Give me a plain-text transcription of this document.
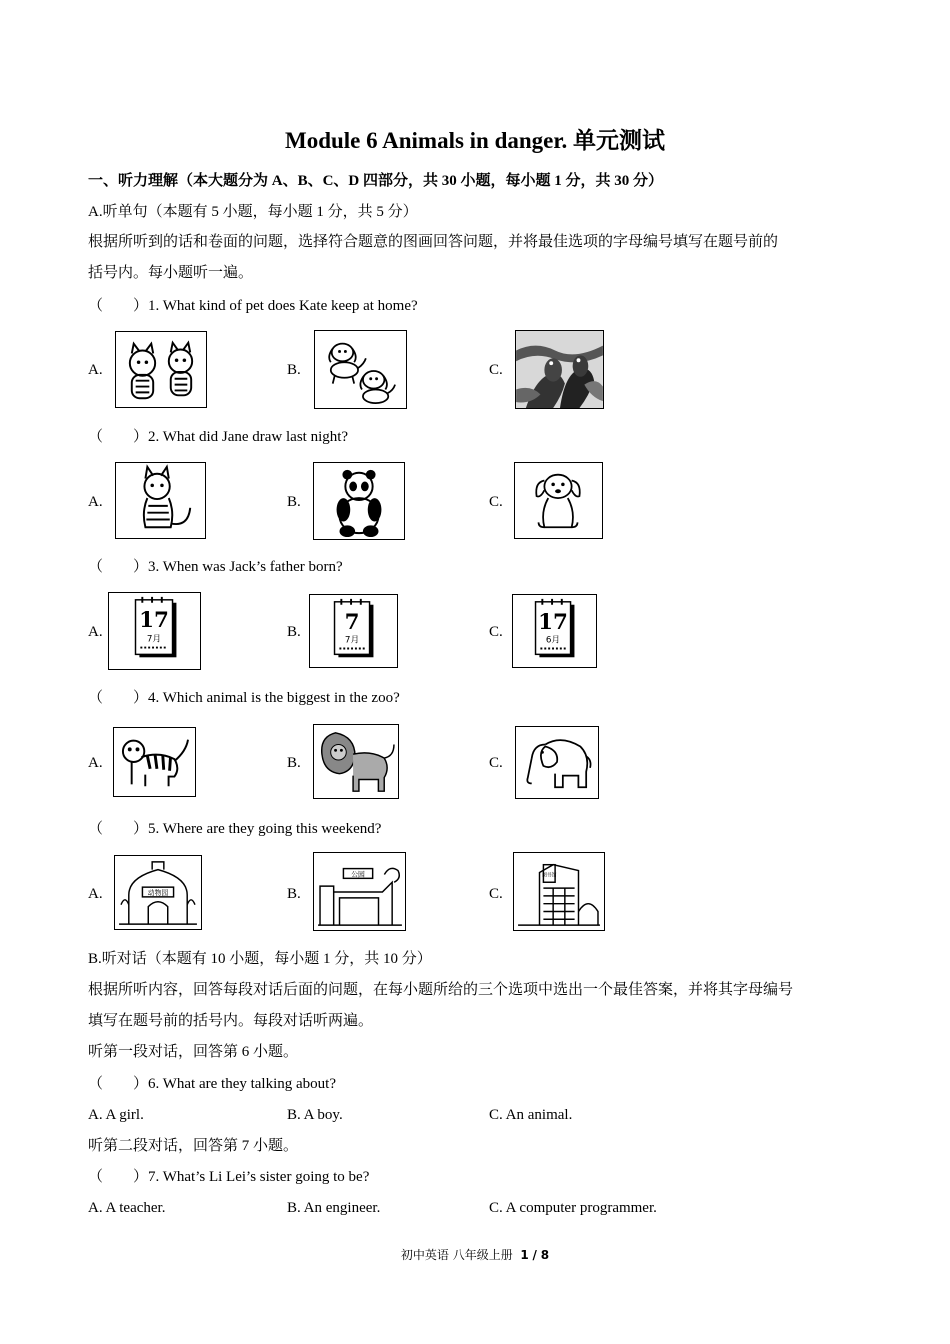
Module 6 Animals in danger. 单元测试
一、听力理解（本大题分为 A、B、C、D 四部分，共 30 小题，每小题 1 分，共 30 分）
A.听单句（本题有 5 小题，每小题 1 分，共 5 分）
根据所听到的话和卷面的问题，选择符合题意的图画回答问题，并将最佳选项的字母编号填写在题号前的
括号内。每小题听一遍。
（　　）1. What kind of pet does Kate keep at home?
A.	B.	C.
（　　）2. What did Jane draw last night?
A.	B.	C.
（　　）3. When was Jack’s father born?
A. 17
7月	B. 7
7月
C. 17
6月
（　　）4. Which animal is the biggest in the zoo?
A.	B.	C.
（　　）5. Where are they going this weekend?
A.	动物园	B.
公园
C.
图书馆
B.听对话（本题有 10 小题，每小题 1 分，共 10 分）
根据所听内容，回答每段对话后面的问题，在每小题所给的三个选项中选出一个最佳答案，并将其字母编号
填写在题号前的括号内。每段对话听两遍。
听第一段对话，回答第 6 小题。
（　　）6. What are they talking about?
A. A girl.	B. A boy.	C. An animal.
听第二段对话，回答第 7 小题。
（　　）7. What’s Li Lei’s sister going to be?
A. A teacher.	B. An engineer.	C. A computer programmer.
初中英语 八年级上册 1 / 8
